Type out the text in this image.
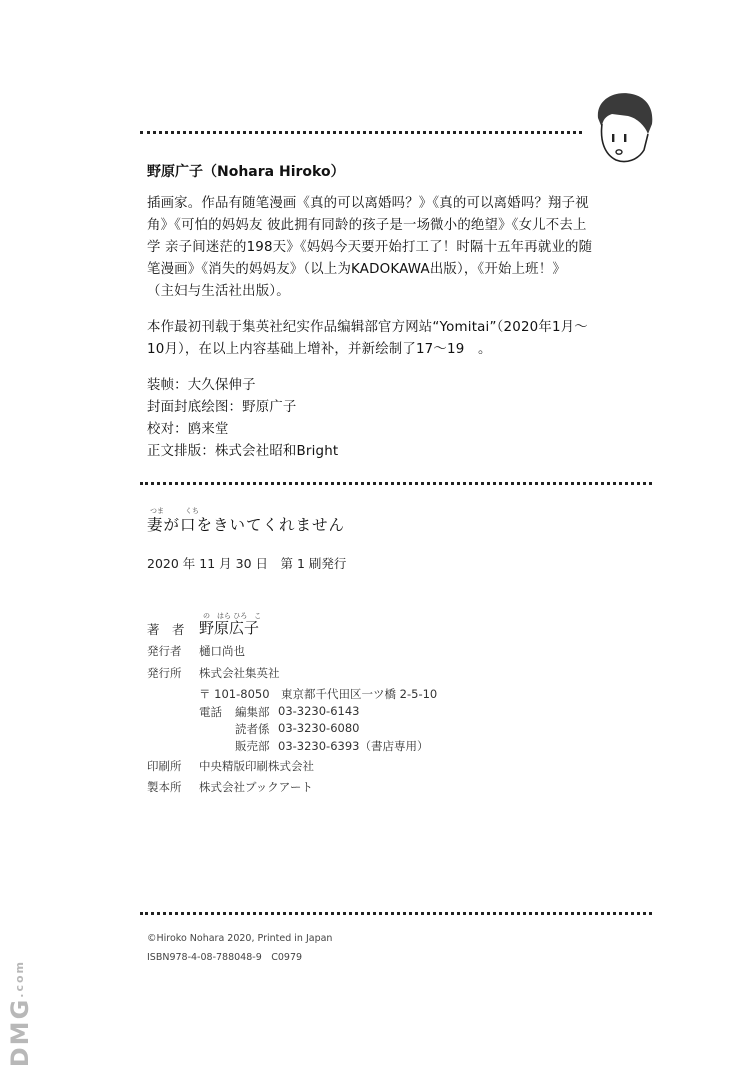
野原广子（Nohara Hiroko）
插画家。作品有随笔漫画《真的可以离婚吗？》《真的可以离婚吗？翔子视
角》《可怕的妈妈友 彼此拥有同龄的孩子是一场微小的绝望》《女儿不去上
学 亲子间迷茫的198天》《妈妈今天要开始打工了！时隔十五年再就业的随
笔漫画》《消失的妈妈友》（以上为KADOKAWA出版），《开始上班！》
（主妇与生活社出版）。
本作最初刊载于集英社纪实作品编辑部官方网站“Yomitai”（2020年1月～
10月），在以上内容基础上增补，并新绘制了17～19　。
装帧：大久保伸子
封面封底绘图：野原广子
校对：鸥来堂
正文排版：株式会社昭和Bright
つま	くち
妻が口をきいてくれません
2020 年 11 月 30 日　第 1 刷発行
の　はら ひろ　こ
著　者 野原広子
発行者 樋口尚也
発行所 株式会社集英社
〒 101-8050　東京都千代田区一ツ橋 2-5-10
電話 編集部 03-3230-6143
読者係 03-3230-6080
販売部 03-3230-6393（書店専用）
印刷所 中央精版印刷株式会社
製本所 株式会社ブックアート
©Hiroko Nohara 2020, Printed in Japan
ISBN978-4-08-788048-9　C0979
DMG.com
